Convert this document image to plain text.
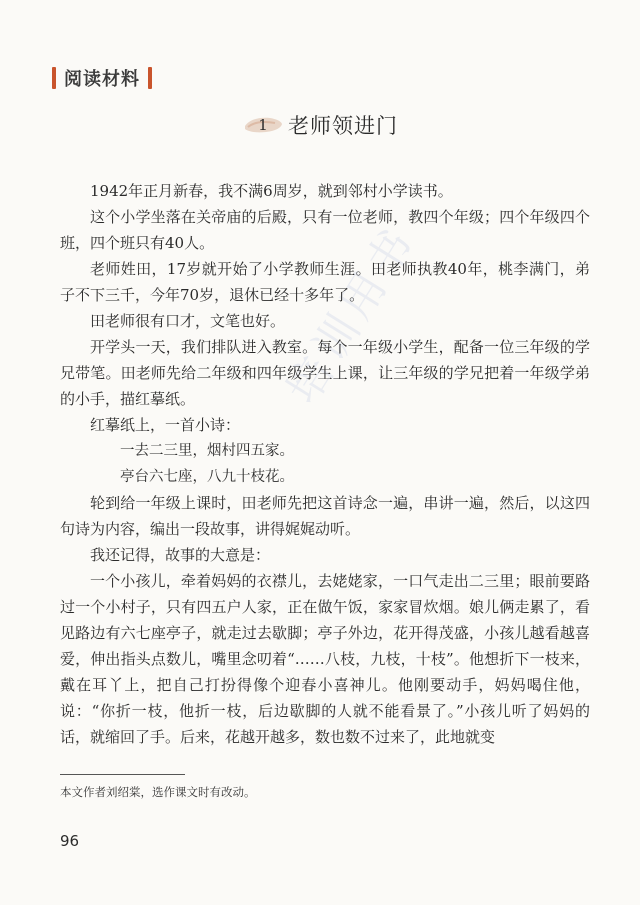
培训用书
阅读材料
1 老师领进门

1942年正月新春，我不满6周岁，就到邻村小学读书。

这个小学坐落在关帝庙的后殿，只有一位老师，教四个年级；四个年级四个班，四个班只有40人。

老师姓田，17岁就开始了小学教师生涯。田老师执教40年，桃李满门，弟子不下三千，今年70岁，退休已经十多年了。

田老师很有口才，文笔也好。

开学头一天，我们排队进入教室。每个一年级小学生，配备一位三年级的学兄带笔。田老师先给二年级和四年级学生上课，让三年级的学兄把着一年级学弟的小手，描红摹纸。

红摹纸上，一首小诗：

一去二三里，烟村四五家。

亭台六七座，八九十枝花。

轮到给一年级上课时，田老师先把这首诗念一遍，串讲一遍，然后，以这四句诗为内容，编出一段故事，讲得娓娓动听。

我还记得，故事的大意是：

一个小孩儿，牵着妈妈的衣襟儿，去姥姥家，一口气走出二三里；眼前要路过一个小村子，只有四五户人家，正在做午饭，家家冒炊烟。娘儿俩走累了，看见路边有六七座亭子，就走过去歇脚；亭子外边，花开得茂盛，小孩儿越看越喜爱，伸出指头点数儿，嘴里念叨着“……八枝，九枝，十枝”。他想折下一枝来，戴在耳丫上，把自己打扮得像个迎春小喜神儿。他刚要动手，妈妈喝住他，说：“你折一枝，他折一枝，后边歇脚的人就不能看景了。”小孩儿听了妈妈的话，就缩回了手。后来，花越开越多，数也数不过来了，此地就变

本文作者刘绍棠，选作课文时有改动。
96
